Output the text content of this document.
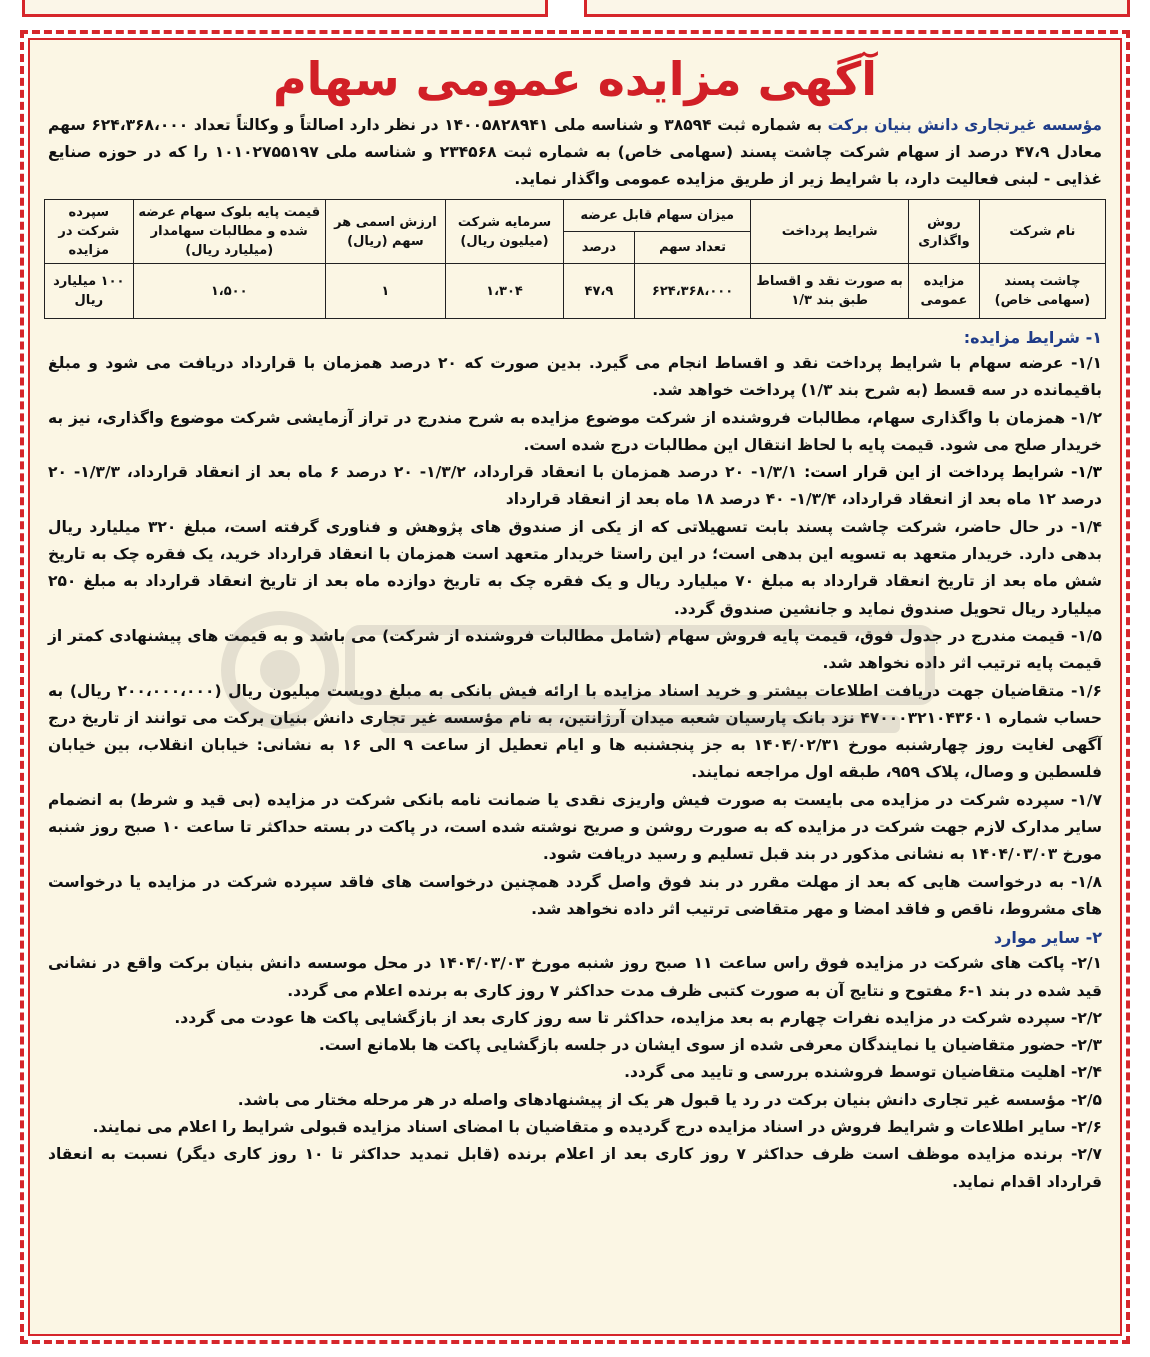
آگهی مزایده عمومی سهام
مؤسسه غیرتجاری دانش بنیان برکت به شماره ثبت ۳۸۵۹۴ و شناسه ملی ۱۴۰۰۵۸۲۸۹۴۱ در نظر دارد اصالتاً و وکالتاً تعداد ۶۲۴،۳۶۸،۰۰۰ سهم معادل ۴۷،۹ درصد از سهام شرکت چاشت پسند (سهامی خاص) به شماره ثبت ۲۳۴۵۶۸ و شناسه ملی ۱۰۱۰۲۷۵۵۱۹۷ را که در حوزه صنایع غذایی - لبنی فعالیت دارد، با شرایط زیر از طریق مزایده عمومی واگذار نماید.
نام شرکت	روش واگذاری	شرایط پرداخت	میزان سهام قابل عرضه		سرمایه شرکت (میلیون ریال)	ارزش اسمی هر سهم (ریال)	قیمت پایه بلوک سهام عرضه شده و مطالبات سهامدار (میلیارد ریال)	سپرده شرکت در مزایده
			تعداد سهم	درصد				
چاشت پسند (سهامی خاص)	مزایده عمومی	به صورت نقد و اقساط طبق بند ۱/۳	۶۲۴،۳۶۸،۰۰۰	۴۷،۹	۱،۳۰۴	۱	۱،۵۰۰	۱۰۰ میلیارد ریال
۱- شرایط مزایده:
۱/۱- عرضه سهام با شرایط پرداخت نقد و اقساط انجام می گیرد. بدین صورت که ۲۰ درصد همزمان با قرارداد دریافت می شود و مبلغ باقیمانده در سه قسط (به شرح بند ۱/۳) پرداخت خواهد شد.
۱/۲- همزمان با واگذاری سهام، مطالبات فروشنده از شرکت موضوع مزایده به شرح مندرج در تراز آزمایشی شرکت موضوع واگذاری، نیز به خریدار صلح می شود. قیمت پایه با لحاظ انتقال این مطالبات درج شده است.
۱/۳- شرایط پرداخت از این قرار است: ۱/۳/۱- ۲۰ درصد همزمان با انعقاد قرارداد، ۱/۳/۲- ۲۰ درصد ۶ ماه بعد از انعقاد قرارداد، ۱/۳/۳- ۲۰ درصد ۱۲ ماه بعد از انعقاد قرارداد، ۱/۳/۴- ۴۰ درصد ۱۸ ماه بعد از انعقاد قرارداد
۱/۴- در حال حاضر، شرکت چاشت پسند بابت تسهیلاتی که از یکی از صندوق های پژوهش و فناوری گرفته است، مبلغ ۳۲۰ میلیارد ریال بدهی دارد. خریدار متعهد به تسویه این بدهی است؛ در این راستا خریدار متعهد است همزمان با انعقاد قرارداد خرید، یک فقره چک به تاریخ شش ماه بعد از تاریخ انعقاد قرارداد به مبلغ ۷۰ میلیارد ریال و یک فقره چک به تاریخ دوازده ماه بعد از تاریخ انعقاد قرارداد به مبلغ ۲۵۰ میلیارد ریال تحویل صندوق نماید و جانشین صندوق گردد.
۱/۵- قیمت مندرج در جدول فوق، قیمت پایه فروش سهام (شامل مطالبات فروشنده از شرکت) می باشد و به قیمت های پیشنهادی کمتر از قیمت پایه ترتیب اثر داده نخواهد شد.
۱/۶- متقاضیان جهت دریافت اطلاعات بیشتر و خرید اسناد مزایده با ارائه فیش بانکی به مبلغ دویست میلیون ریال (۲۰۰،۰۰۰،۰۰۰ ریال) به حساب شماره ۴۷۰۰۰۳۲۱۰۴۳۶۰۱ نزد بانک پارسیان شعبه میدان آرژانتین، به نام مؤسسه غیر تجاری دانش بنیان برکت می توانند از تاریخ درج آگهی لغایت روز چهارشنبه مورخ ۱۴۰۴/۰۲/۳۱ به جز پنجشنبه ها و ایام تعطیل از ساعت ۹ الی ۱۶ به نشانی: خیابان انقلاب، بین خیابان فلسطین و وصال، پلاک ۹۵۹، طبقه اول مراجعه نمایند.
۱/۷- سپرده شرکت در مزایده می بایست به صورت فیش واریزی نقدی یا ضمانت نامه بانکی شرکت در مزایده (بی قید و شرط) به انضمام سایر مدارک لازم جهت شرکت در مزایده که به صورت روشن و صریح نوشته شده است، در پاکت در بسته حداکثر تا ساعت ۱۰ صبح روز شنبه مورخ ۱۴۰۴/۰۳/۰۳ به نشانی مذکور در بند قبل تسلیم و رسید دریافت شود.
۱/۸- به درخواست هایی که بعد از مهلت مقرر در بند فوق واصل گردد همچنین درخواست های فاقد سپرده شرکت در مزایده یا درخواست های مشروط، ناقص و فاقد امضا و مهر متقاضی ترتیب اثر داده نخواهد شد.
۲- سایر موارد
۲/۱- پاکت های شرکت در مزایده فوق راس ساعت ۱۱ صبح روز شنبه مورخ ۱۴۰۴/۰۳/۰۳ در محل موسسه دانش بنیان برکت واقع در نشانی قید شده در بند ۱-۶ مفتوح و نتایج آن به صورت کتبی ظرف مدت حداکثر ۷ روز کاری به برنده اعلام می گردد.
۲/۲- سپرده شرکت در مزایده نفرات چهارم به بعد مزایده، حداکثر تا سه روز کاری بعد از بازگشایی پاکت ها عودت می گردد.
۲/۳- حضور متقاضیان یا نمایندگان معرفی شده از سوی ایشان در جلسه بازگشایی پاکت ها بلامانع است.
۲/۴- اهلیت متقاضیان توسط فروشنده بررسی و تایید می گردد.
۲/۵- مؤسسه غیر تجاری دانش بنیان برکت در رد یا قبول هر یک از پیشنهادهای واصله در هر مرحله مختار می باشد.
۲/۶- سایر اطلاعات و شرایط فروش در اسناد مزایده درج گردیده و متقاضیان با امضای اسناد مزایده قبولی شرایط را اعلام می نمایند.
۲/۷- برنده مزایده موظف است ظرف حداکثر ۷ روز کاری بعد از اعلام برنده (قابل تمدید حداکثر تا ۱۰ روز کاری دیگر) نسبت به انعقاد قرارداد اقدام نماید.
